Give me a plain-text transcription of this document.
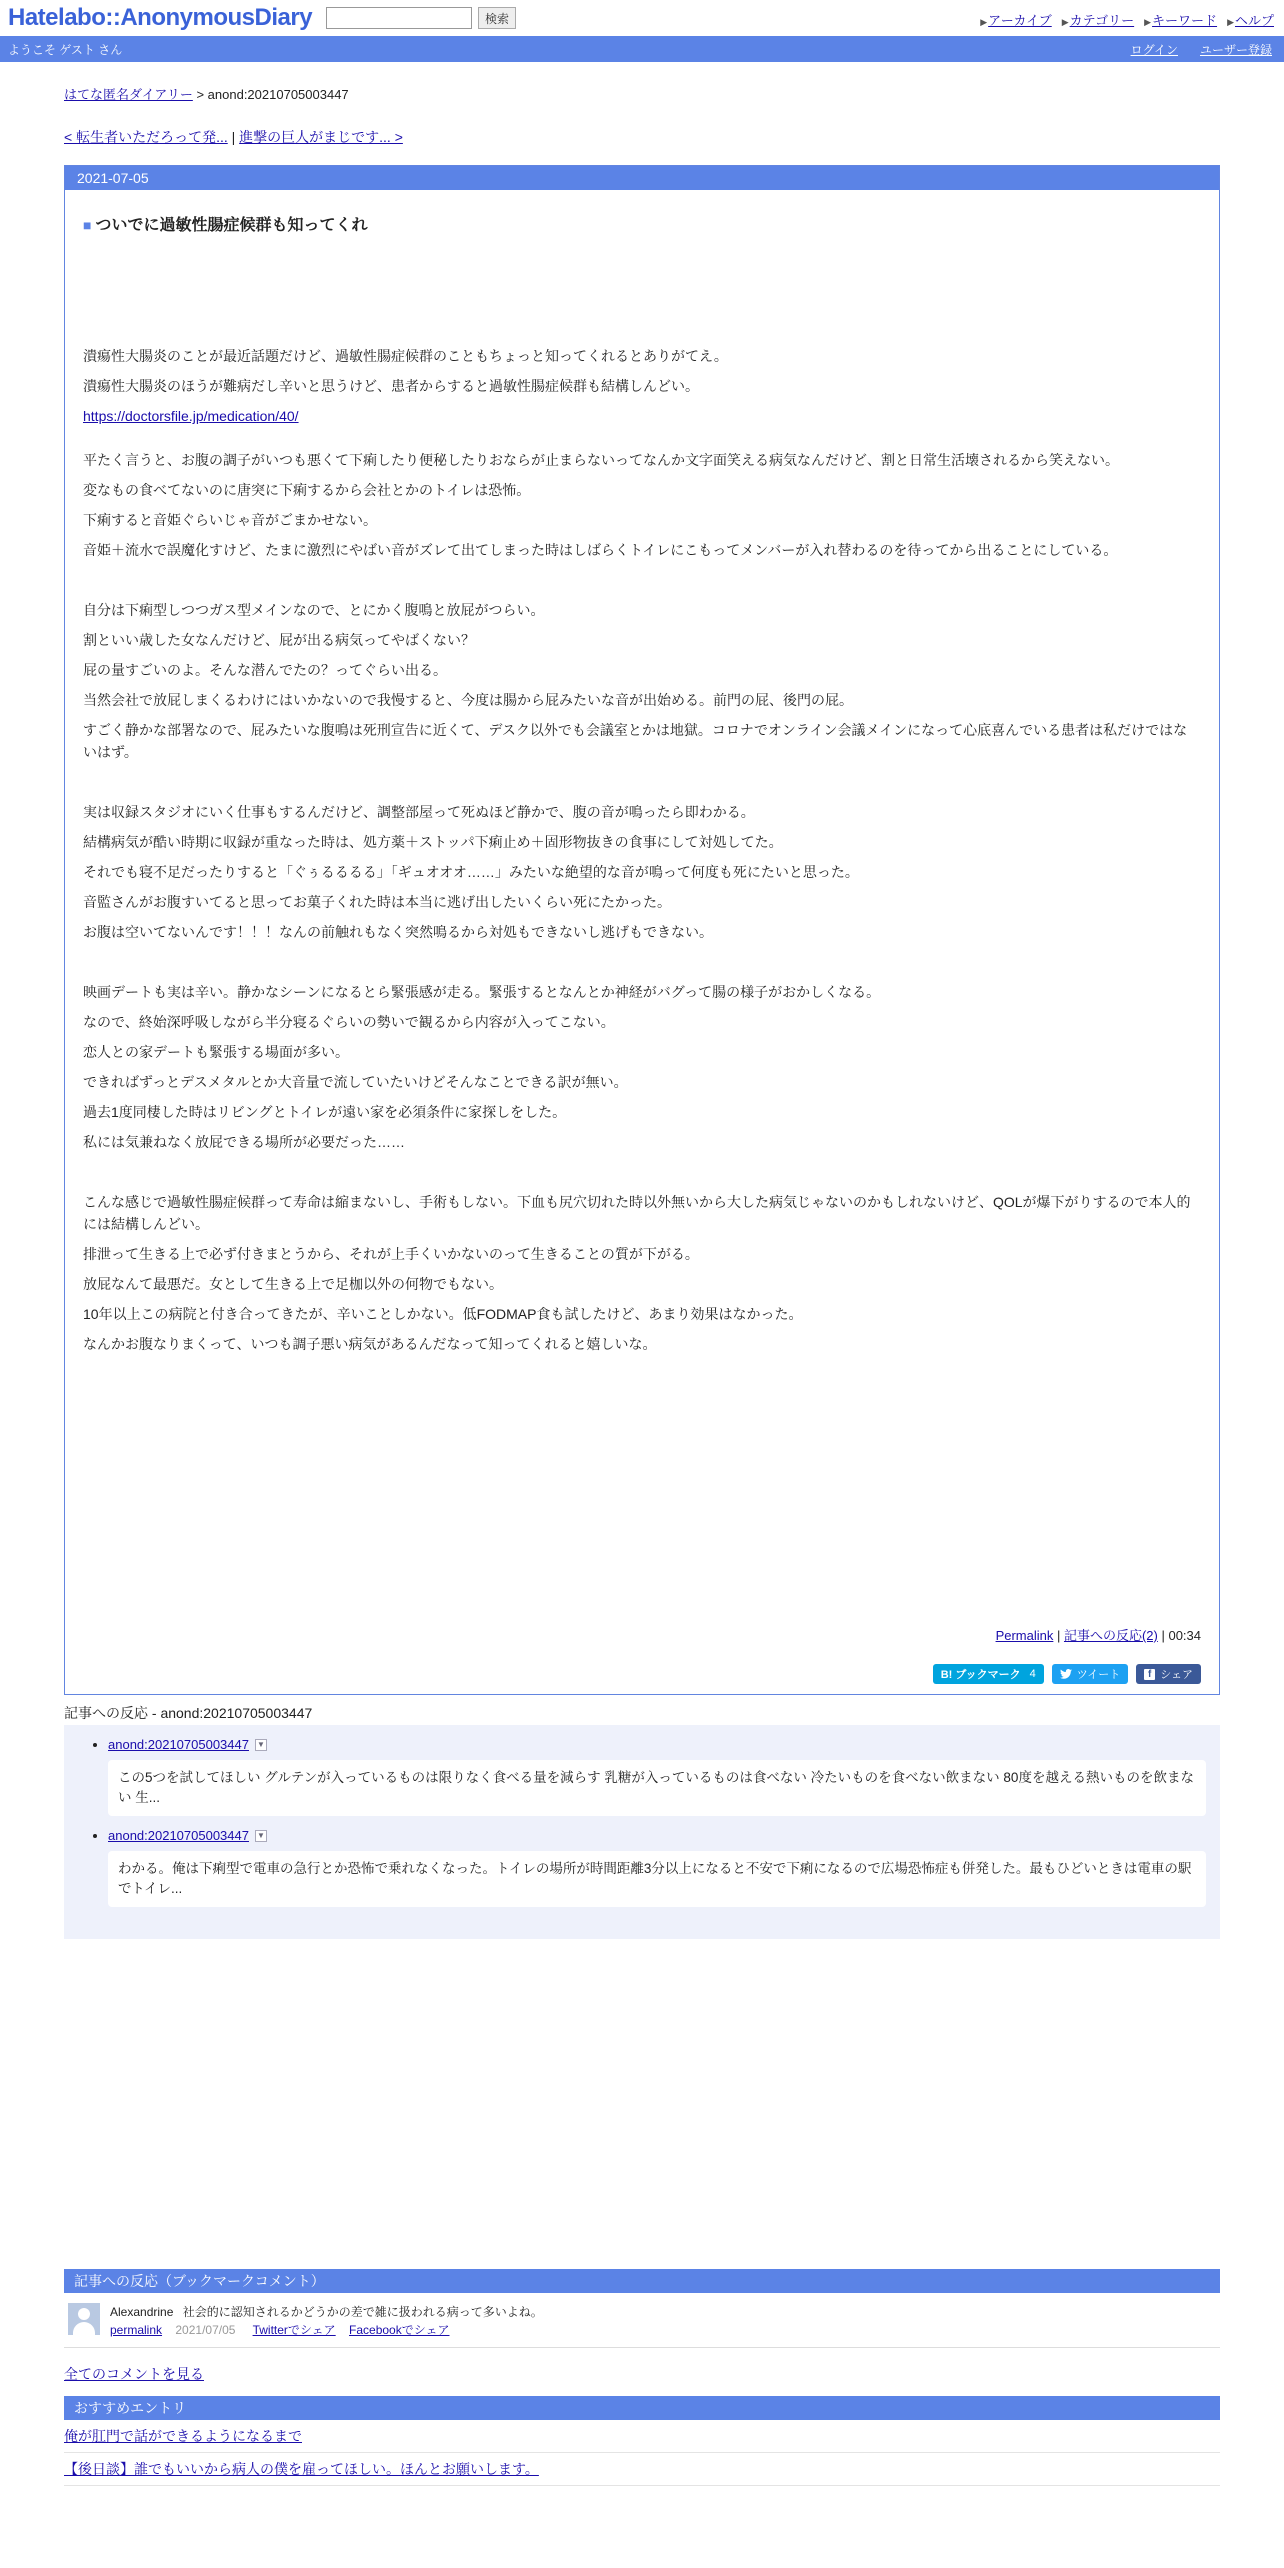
Hatelabo::AnonymousDiary	検索	▶アーカイブ ▶カテゴリー ▶キーワード ▶ヘルプ
ようこそ ゲスト さん	ログイン ユーザー登録
はてな匿名ダイアリー > anond:20210705003447
< 転生者いただろって発... | 進撃の巨人がまじです... >
2021-07-05
■ ついでに過敏性腸症候群も知ってくれ

潰瘍性大腸炎のことが最近話題だけど、過敏性腸症候群のこともちょっと知ってくれるとありがてえ。

潰瘍性大腸炎のほうが難病だし辛いと思うけど、患者からすると過敏性腸症候群も結構しんどい。

https://doctorsfile.jp/medication/40/

平たく言うと、お腹の調子がいつも悪くて下痢したり便秘したりおならが止まらないってなんか文字面笑える病気なんだけど、割と日常生活壊されるから笑えない。

変なもの食べてないのに唐突に下痢するから会社とかのトイレは恐怖。

下痢すると音姫ぐらいじゃ音がごまかせない。

音姫＋流水で誤魔化すけど、たまに激烈にやばい音がズレて出てしまった時はしばらくトイレにこもってメンバーが入れ替わるのを待ってから出ることにしている。

自分は下痢型しつつガス型メインなので、とにかく腹鳴と放屁がつらい。

割といい歳した女なんだけど、屁が出る病気ってやばくない？

屁の量すごいのよ。そんな潜んでたの？ってぐらい出る。

当然会社で放屁しまくるわけにはいかないので我慢すると、今度は腸から屁みたいな音が出始める。前門の屁、後門の屁。

すごく静かな部署なので、屁みたいな腹鳴は死刑宣告に近くて、デスク以外でも会議室とかは地獄。コロナでオンライン会議メインになって心底喜んでいる患者は私だけではないはず。

実は収録スタジオにいく仕事もするんだけど、調整部屋って死ぬほど静かで、腹の音が鳴ったら即わかる。

結構病気が酷い時期に収録が重なった時は、処方薬＋ストッパ下痢止め＋固形物抜きの食事にして対処してた。

それでも寝不足だったりすると「ぐぅるるるる」「ギュオオオ……」みたいな絶望的な音が鳴って何度も死にたいと思った。

音監さんがお腹すいてると思ってお菓子くれた時は本当に逃げ出したいくらい死にたかった。

お腹は空いてないんです！！！なんの前触れもなく突然鳴るから対処もできないし逃げもできない。

映画デートも実は辛い。静かなシーンになるとら緊張感が走る。緊張するとなんとか神経がバグって腸の様子がおかしくなる。

なので、終始深呼吸しながら半分寝るぐらいの勢いで観るから内容が入ってこない。

恋人との家デートも緊張する場面が多い。

できればずっとデスメタルとか大音量で流していたいけどそんなことできる訳が無い。

過去1度同棲した時はリビングとトイレが遠い家を必須条件に家探しをした。

私には気兼ねなく放屁できる場所が必要だった……

こんな感じで過敏性腸症候群って寿命は縮まないし、手術もしない。下血も尻穴切れた時以外無いから大した病気じゃないのかもしれないけど、QOLが爆下がりするので本人的には結構しんどい。

排泄って生きる上で必ず付きまとうから、それが上手くいかないのって生きることの質が下がる。

放屁なんて最悪だ。女として生きる上で足枷以外の何物でもない。

10年以上この病院と付き合ってきたが、辛いことしかない。低FODMAP食も試したけど、あまり効果はなかった。

なんかお腹なりまくって、いつも調子悪い病気があるんだなって知ってくれると嬉しいな。

Permalink | 記事への反応(2) | 00:34
B! ブックマーク 4	ツイート	f シェア
記事への反応 - anond:20210705003447
• anond:20210705003447 ▼
この5つを試してほしい グルテンが入っているものは限りなく食べる量を減らす 乳糖が入っているものは食べない 冷たいものを食べない飲まない 80度を越える熱いものを飲まない 生...
• anond:20210705003447 ▼
わかる。俺は下痢型で電車の急行とか恐怖で乗れなくなった。トイレの場所が時間距離3分以上になると不安で下痢になるので広場恐怖症も併発した。最もひどいときは電車の駅でトイレ...
記事への反応（ブックマークコメント）
Alexandrine 社会的に認知されるかどうかの差で雑に扱われる病って多いよね。
permalink 2021/07/05 Twitterでシェア Facebookでシェア
全てのコメントを見る
おすすめエントリ
俺が肛門で話ができるようになるまで
【後日談】誰でもいいから病人の僕を雇ってほしい。ほんとお願いします。
